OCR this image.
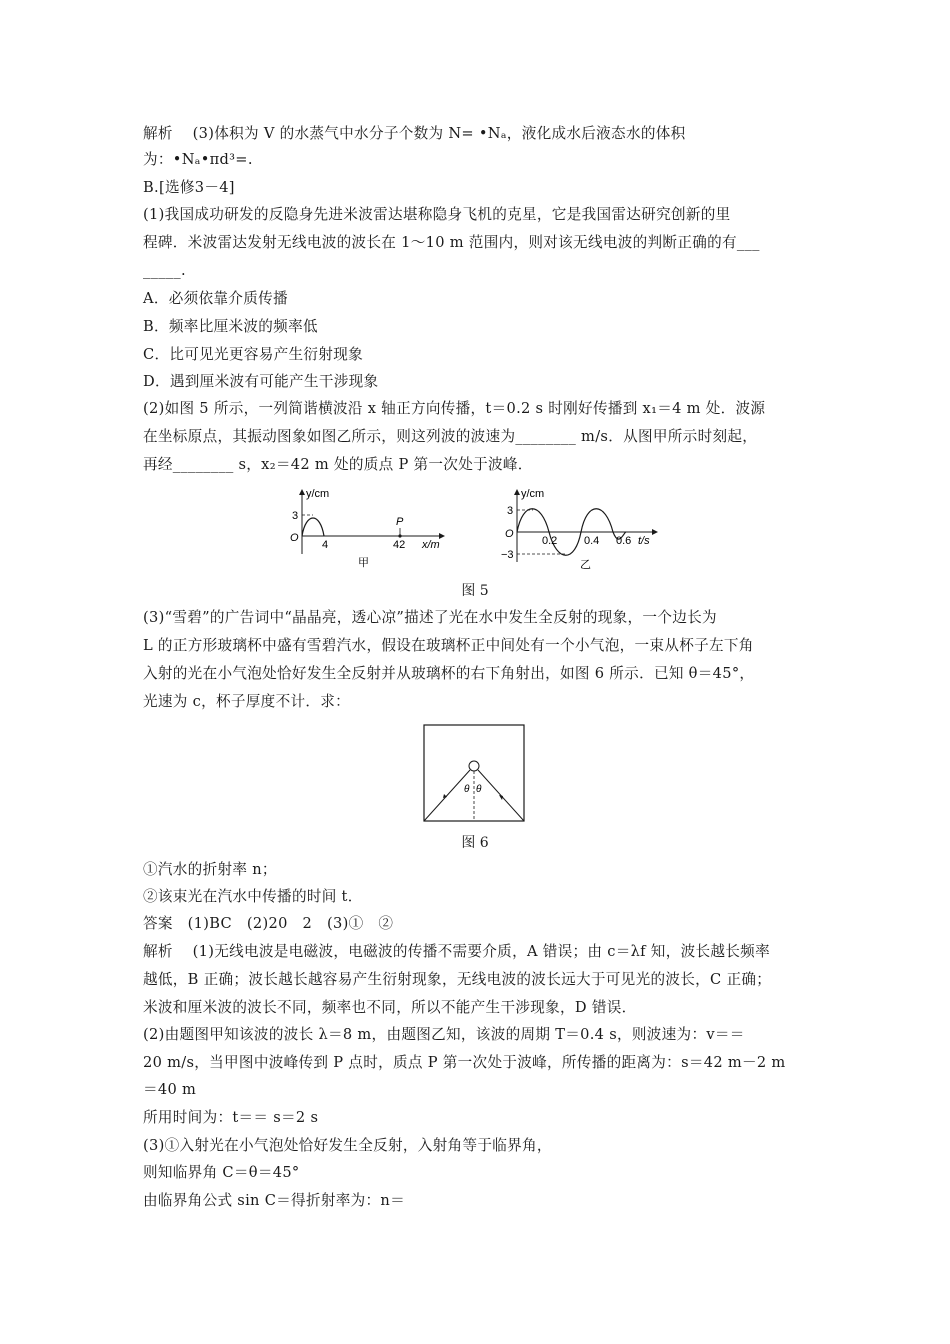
解析　 (3)体积为 V 的水蒸气中水分子个数为 N= •Nₐ，液化成水后液态水的体积
为：•Nₐ•πd³=.
B.[选修3－4]
(1)我国成功研发的反隐身先进米波雷达堪称隐身飞机的克星，它是我国雷达研究创新的里
程碑．米波雷达发射无线电波的波长在 1～10 m 范围内，则对该无线电波的判断正确的有___
_____.
A．必须依靠介质传播
B．频率比厘米波的频率低
C．比可见光更容易产生衍射现象
D．遇到厘米波有可能产生干涉现象
(2)如图 5 所示，一列简谐横波沿 x 轴正方向传播，t＝0.2 s 时刚好传播到 x₁＝4 m 处．波源
在坐标原点，其振动图象如图乙所示，则这列波的波速为________ m/s．从图甲所示时刻起，
再经________ s，x₂＝42 m 处的质点 P 第一次处于波峰．
y/cm
x/m
O
3
4	42
P
甲
y/cm
t/s
O
3
−3
0.2 0.4 0.6
乙
图 5
(3)“雪碧”的广告词中“晶晶亮，透心凉”描述了光在水中发生全反射的现象，一个边长为
L 的正方形玻璃杯中盛有雪碧汽水，假设在玻璃杯正中间处有一个小气泡，一束从杯子左下角
入射的光在小气泡处恰好发生全反射并从玻璃杯的右下角射出，如图 6 所示．已知 θ＝45°，
光速为 c，杯子厚度不计．求：
θ θ
图 6
①汽水的折射率 n；
②该束光在汽水中传播的时间 t．
答案　(1)BC　(2)20　2　(3)①　②
解析　 (1)无线电波是电磁波，电磁波的传播不需要介质，A 错误；由 c＝λf 知，波长越长频率
越低，B 正确；波长越长越容易产生衍射现象，无线电波的波长远大于可见光的波长，C 正确；
米波和厘米波的波长不同，频率也不同，所以不能产生干涉现象，D 错误．
(2)由题图甲知该波的波长 λ＝8 m，由题图乙知，该波的周期 T＝0.4 s，则波速为：v＝＝
20 m/s，当甲图中波峰传到 P 点时，质点 P 第一次处于波峰，所传播的距离为：s＝42 m－2 m
＝40 m
所用时间为：t＝＝ s＝2 s
(3)①入射光在小气泡处恰好发生全反射，入射角等于临界角，
则知临界角 C＝θ＝45°
由临界角公式 sin C＝得折射率为：n＝
